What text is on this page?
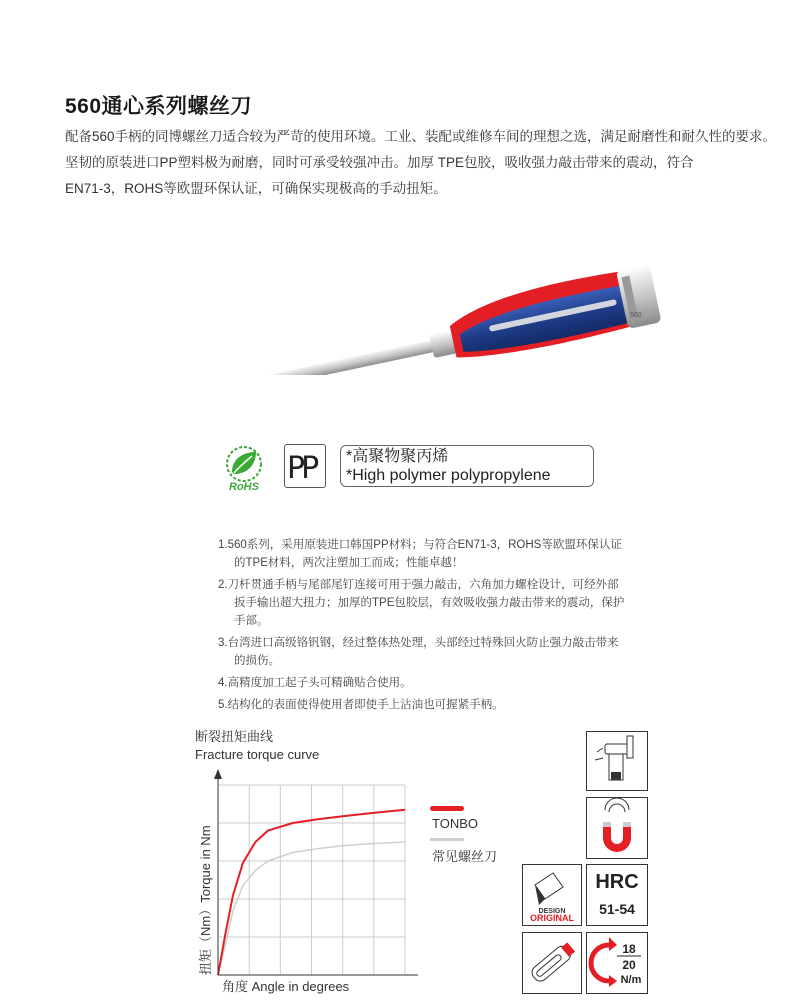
560通心系列螺丝刀

配备560手柄的同博螺丝刀适合较为严苛的使用环境。工业、装配或维修车间的理想之选，满足耐磨性和耐久性的要求。

坚韧的原装进口PP塑料极为耐磨，同时可承受较强冲击。加厚 TPE包胶，吸收强力敲击带来的震动，符合

EN71-3，ROHS等欧盟环保认证，可确保实现极高的手动扭矩。

560
RoHS
PP *高聚物聚丙烯
*High polymer polypropylene
1.560系列，采用原装进口韩国PP材料；与符合EN71-3，ROHS等欧盟环保认证的TPE材料，两次注塑加工而成；性能卓越！
2.刀杆贯通手柄与尾部尾钉连接可用于强力敲击，六角加力螺栓设计，可经外部扳手输出超大扭力；加厚的TPE包胶层，有效吸收强力敲击带来的震动，保护手部。
3.台湾进口高级铬钒钢，经过整体热处理，头部经过特殊回火防止强力敲击带来的损伤。
4.高精度加工起子头可精确贴合使用。
5.结构化的表面使得使用者即使手上沾油也可握紧手柄。
断裂扭矩曲线
Fracture torque curve
扭矩（Nm）Torque in Nm
角度 Angle in degrees
TONBO
常见螺丝刀
DESIGN
ORIGINAL
HRC
51-54
18
20
N/m
